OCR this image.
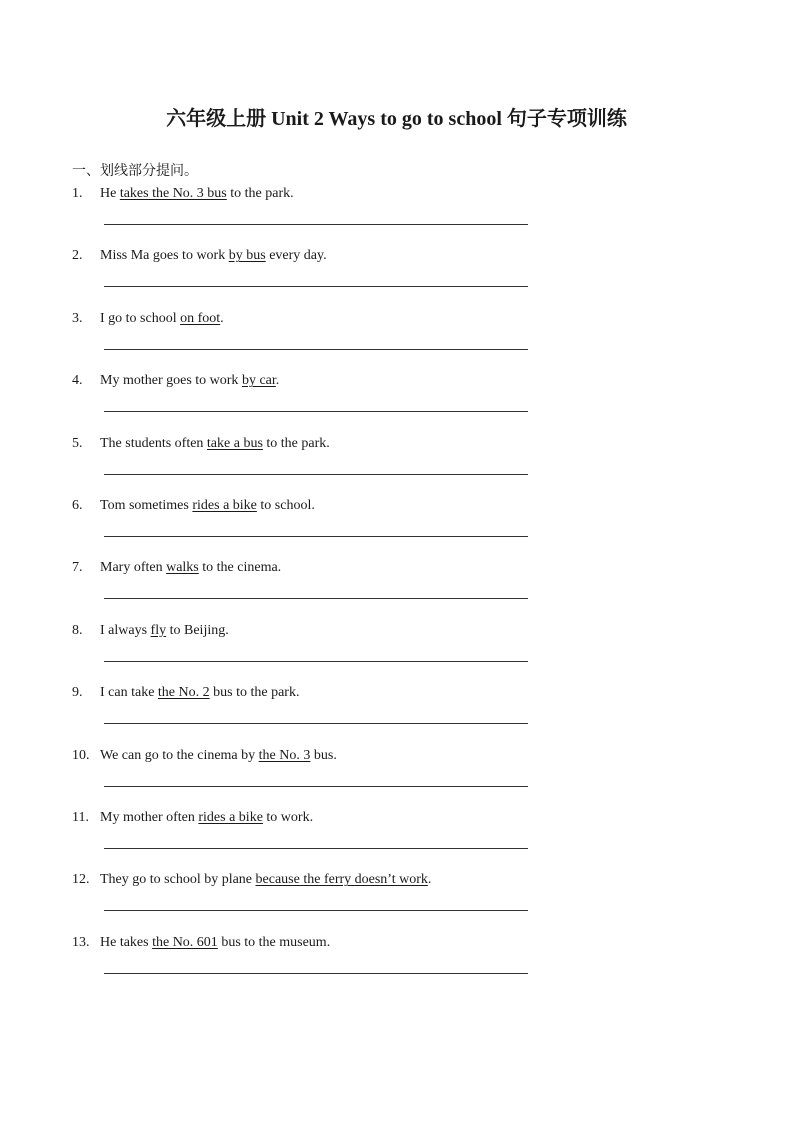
六年级上册 Unit 2 Ways to go to school 句子专项训练
一、划线部分提问。
1. He takes the No. 3 bus to the park.
2. Miss Ma goes to work by bus every day.
3. I go to school on foot.
4. My mother goes to work by car.
5. The students often take a bus to the park.
6. Tom sometimes rides a bike to school.
7. Mary often walks to the cinema.
8. I always fly to Beijing.
9. I can take the No. 2 bus to the park.
10. We can go to the cinema by the No. 3 bus.
11. My mother often rides a bike to work.
12. They go to school by plane because the ferry doesn’t work.
13. He takes the No. 601 bus to the museum.
